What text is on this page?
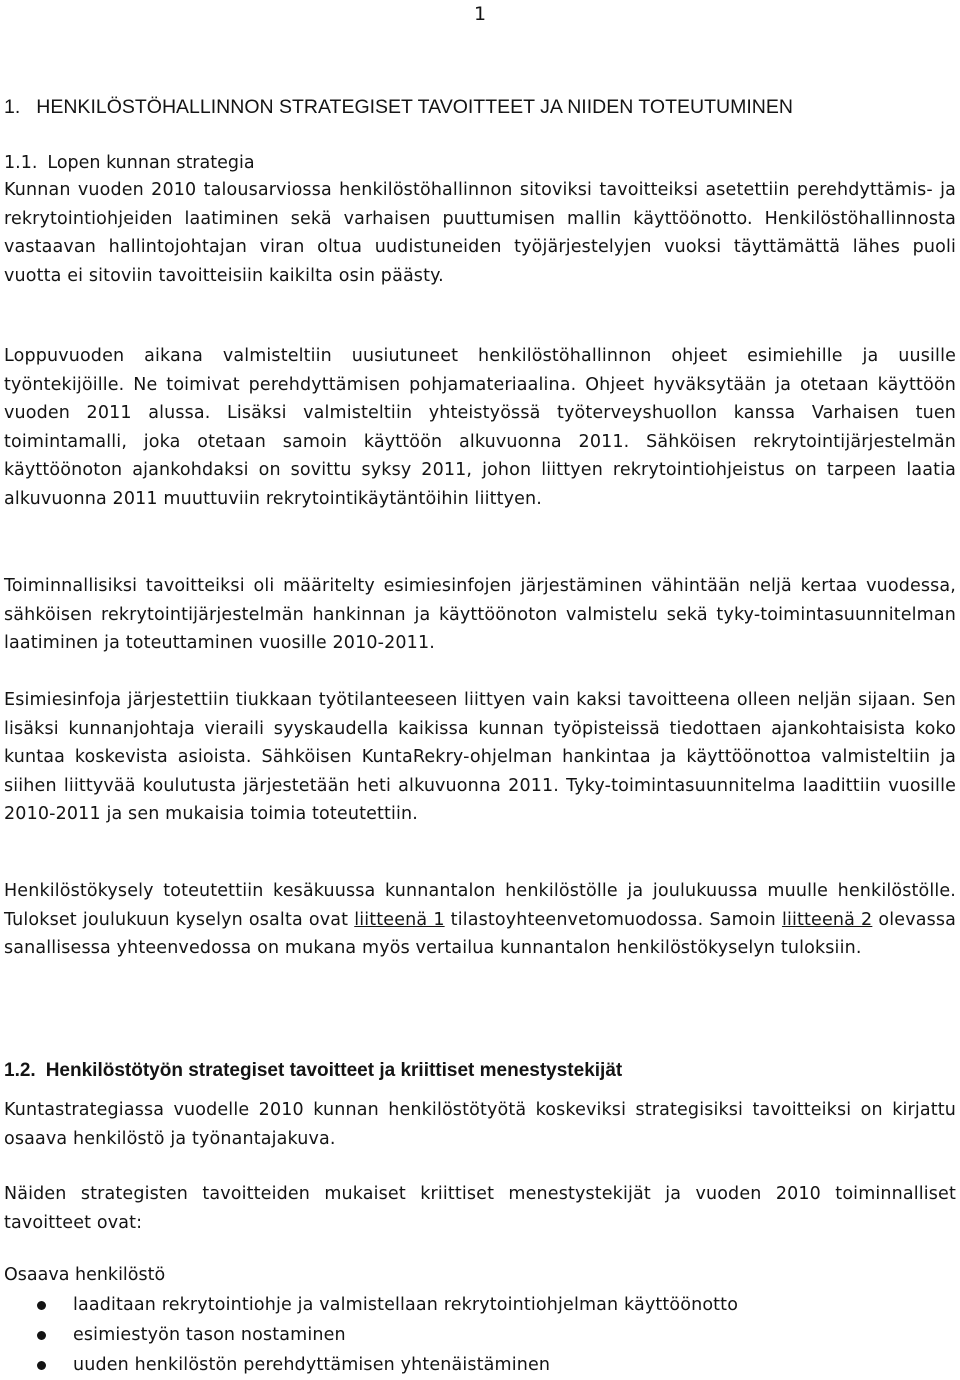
1
1. HENKILÖSTÖHALLINNON STRATEGISET TAVOITTEET JA NIIDEN TOTEUTUMINEN
1.1. Lopen kunnan strategia

Kunnan vuoden 2010 talousarviossa henkilöstöhallinnon sitoviksi tavoitteiksi asetettiin perehdyttämis- ja rekrytointiohjeiden laatiminen sekä varhaisen puuttumisen mallin käyttöönotto. Henkilöstöhallinnosta vastaavan hallintojohtajan viran oltua uudistuneiden työjärjestelyjen vuoksi täyttämättä lähes puoli vuotta ei sitoviin tavoitteisiin kaikilta osin päästy.

Loppuvuoden aikana valmisteltiin uusiutuneet henkilöstöhallinnon ohjeet esimiehille ja uusille työntekijöille. Ne toimivat perehdyttämisen pohjamateriaalina. Ohjeet hyväksytään ja otetaan käyttöön vuoden 2011 alussa. Lisäksi valmisteltiin yhteistyössä työterveyshuollon kanssa Varhaisen tuen toimintamalli, joka otetaan samoin käyttöön alkuvuonna 2011. Sähköisen rekrytointijärjestelmän käyttöönoton ajankohdaksi on sovittu syksy 2011, johon liittyen rekrytointiohjeistus on tarpeen laatia alkuvuonna 2011 muuttuviin rekrytointikäytäntöihin liittyen.

Toiminnallisiksi tavoitteiksi oli määritelty esimiesinfojen järjestäminen vähintään neljä kertaa vuodessa, sähköisen rekrytointijärjestelmän hankinnan ja käyttöönoton valmistelu sekä tyky-toimintasuunnitelman laatiminen ja toteuttaminen vuosille 2010-2011.

Esimiesinfoja järjestettiin tiukkaan työtilanteeseen liittyen vain kaksi tavoitteena olleen neljän sijaan. Sen lisäksi kunnanjohtaja vieraili syyskaudella kaikissa kunnan työpisteissä tiedottaen ajankohtaisista koko kuntaa koskevista asioista. Sähköisen KuntaRekry-ohjelman hankintaa ja käyttöönottoa valmisteltiin ja siihen liittyvää koulutusta järjestetään heti alkuvuonna 2011. Tyky-toimintasuunnitelma laadittiin vuosille 2010-2011 ja sen mukaisia toimia toteutettiin.

Henkilöstökysely toteutettiin kesäkuussa kunnantalon henkilöstölle ja joulukuussa muulle henkilöstölle. Tulokset joulukuun kyselyn osalta ovat liitteenä 1 tilastoyhteenvetomuodossa. Samoin liitteenä 2 olevassa sanallisessa yhteenvedossa on mukana myös vertailua kunnantalon henkilöstökyselyn tuloksiin.

1.2. Henkilöstötyön strategiset tavoitteet ja kriittiset menestystekijät

Kuntastrategiassa vuodelle 2010 kunnan henkilöstötyötä koskeviksi strategisiksi tavoitteiksi on kirjattu osaava henkilöstö ja työnantajakuva.

Näiden strategisten tavoitteiden mukaiset kriittiset menestystekijät ja vuoden 2010 toiminnalliset tavoitteet ovat:

Osaava henkilöstö
laaditaan rekrytointiohje ja valmistellaan rekrytointiohjelman käyttöönotto
esimiestyön tason nostaminen
uuden henkilöstön perehdyttämisen yhtenäistäminen
